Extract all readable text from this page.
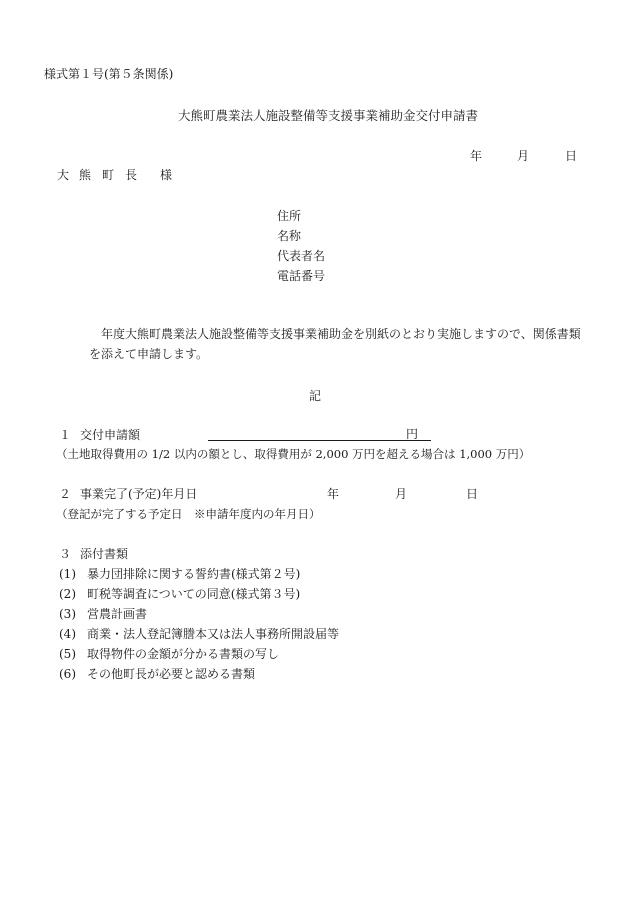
様式第１号(第５条関係)
大熊町農業法人施設整備等支援事業補助金交付申請書
年	月	日
大 熊 町 長 様
住所
名称
代表者名
電話番号
年度大熊町農業法人施設整備等支援事業補助金を別紙のとおり実施しますので、関係書類
を添えて申請します。
記
１ 交付申請額	円
（土地取得費用の 1/2 以内の額とし、取得費用が 2,000 万円を超える場合は 1,000 万円）
２ 事業完了(予定)年月日	年	月	日
（登記が完了する予定日　※申請年度内の年月日）
３ 添付書類
(1) 暴力団排除に関する誓約書(様式第２号)
(2) 町税等調査についての同意(様式第３号)
(3) 営農計画書
(4) 商業・法人登記簿謄本又は法人事務所開設届等
(5) 取得物件の金額が分かる書類の写し
(6) その他町長が必要と認める書類
